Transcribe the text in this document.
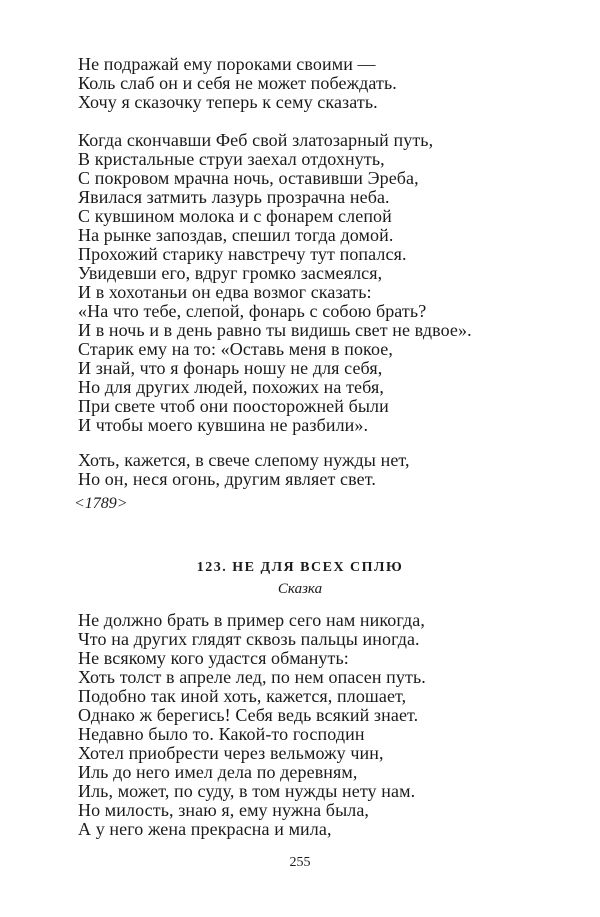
Не подражай ему пороками своими —
Коль слаб он и себя не может побеждать.
Хочу я сказочку теперь к сему сказать.
Когда скончавши Феб свой златозарный путь,
В кристальные струи заехал отдохнуть,
С покровом мрачна ночь, оставивши Эреба,
Явилася затмить лазурь прозрачна неба.
С кувшином молока и с фонарем слепой
На рынке запоздав, спешил тогда домой.
Прохожий старику навстречу тут попался.
Увидевши его, вдруг громко засмеялся,
И в хохотаньи он едва возмог сказать:
«На что тебе, слепой, фонарь с собою брать?
И в ночь и в день равно ты видишь свет не вдвое».
Старик ему на то: «Оставь меня в покое,
И знай, что я фонарь ношу не для себя,
Но для других людей, похожих на тебя,
При свете чтоб они поосторожней были
И чтобы моего кувшина не разбили».
Хоть, кажется, в свече слепому нужды нет,
Но он, неся огонь, другим являет свет.
<1789>
123. НЕ ДЛЯ ВСЕХ СПЛЮ
Сказка
Не должно брать в пример сего нам никогда,
Что на других глядят сквозь пальцы иногда.
Не всякому кого удастся обмануть:
Хоть толст в апреле лед, по нем опасен путь.
Подобно так иной хоть, кажется, плошает,
Однако ж берегись! Себя ведь всякий знает.
Недавно было то. Какой-то господин
Хотел приобрести через вельможу чин,
Иль до него имел дела по деревням,
Иль, может, по суду, в том нужды нету нам.
Но милость, знаю я, ему нужна была,
А у него жена прекрасна и мила,
255
